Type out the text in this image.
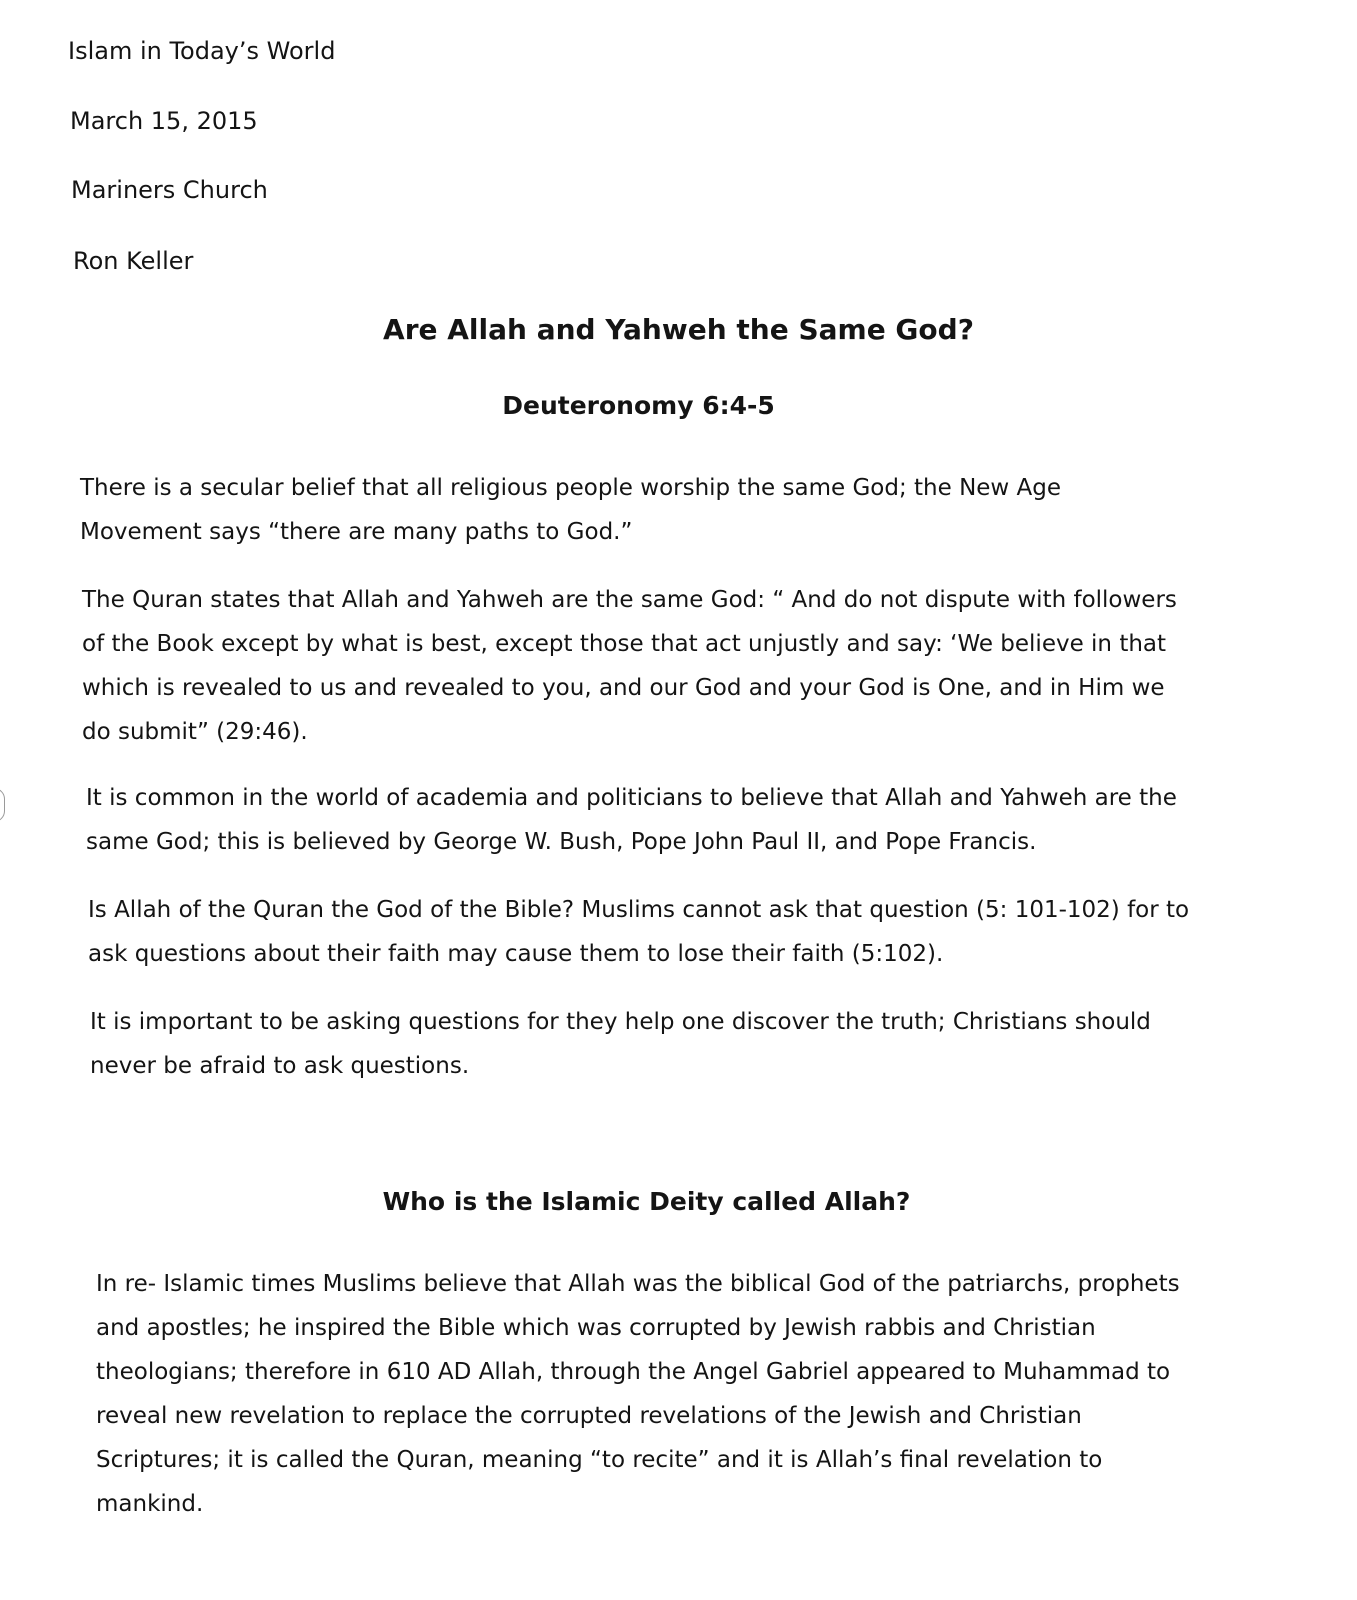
Islam in Today’s World
March 15, 2015
Mariners Church
Ron Keller
Are Allah and Yahweh the Same God?
Deuteronomy 6:4-5
There is a secular belief that all religious people worship the same God; the New Age
Movement says “there are many paths to God.”
The Quran states that Allah and Yahweh are the same God: “ And do not dispute with followers
of the Book except by what is best, except those that act unjustly and say: ‘We believe in that
which is revealed to us and revealed to you, and our God and your God is One, and in Him we
do submit” (29:46).
It is common in the world of academia and politicians to believe that Allah and Yahweh are the
same God; this is believed by George W. Bush, Pope John Paul II, and Pope Francis.
Is Allah of the Quran the God of the Bible? Muslims cannot ask that question (5: 101-102) for to
ask questions about their faith may cause them to lose their faith (5:102).
It is important to be asking questions for they help one discover the truth; Christians should
never be afraid to ask questions.
Who is the Islamic Deity called Allah?
In re- Islamic times Muslims believe that Allah was the biblical God of the patriarchs, prophets
and apostles; he inspired the Bible which was corrupted by Jewish rabbis and Christian
theologians; therefore in 610 AD Allah, through the Angel Gabriel appeared to Muhammad to
reveal new revelation to replace the corrupted revelations of the Jewish and Christian
Scriptures; it is called the Quran, meaning “to recite” and it is Allah’s final revelation to
mankind.
